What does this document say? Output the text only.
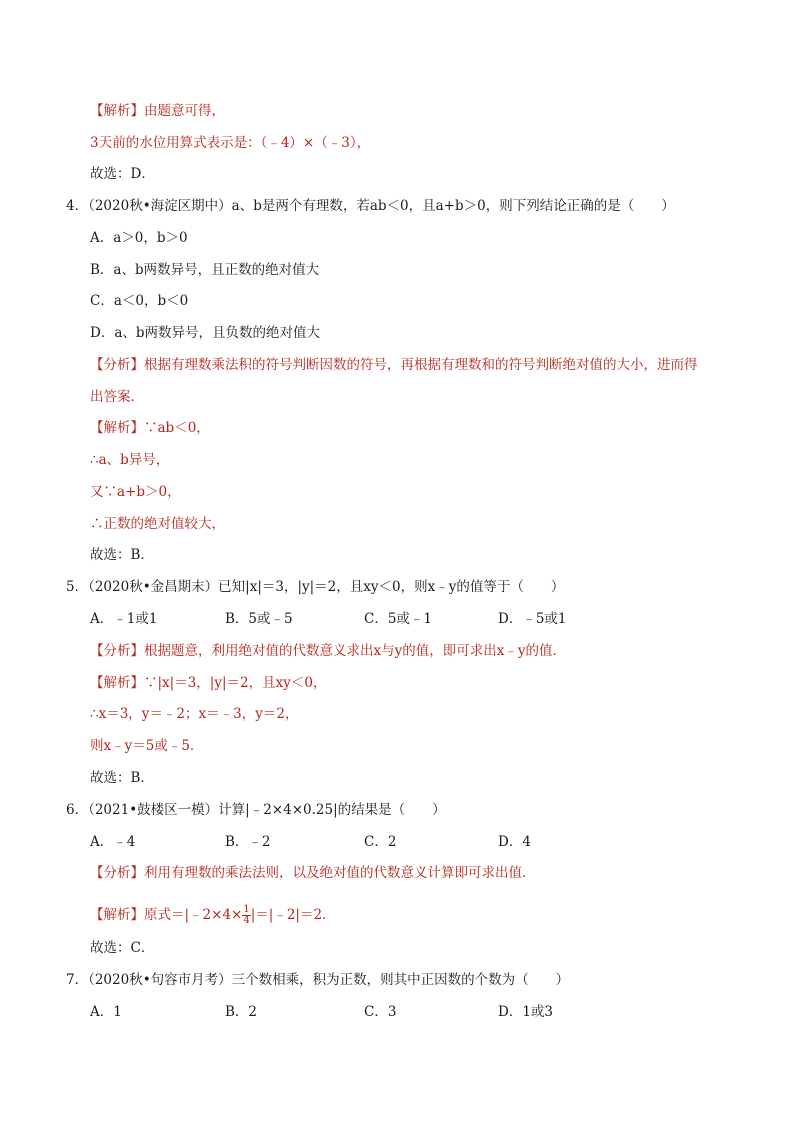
【解析】由题意可得，
3天前的水位用算式表示是：（﹣4）×（﹣3），
故选：D．
4．（2020秋•海淀区期中）a、b是两个有理数，若ab＜0，且a+b＞0，则下列结论正确的是（　　）
A．a＞0，b＞0
B．a、b两数异号，且正数的绝对值大
C．a＜0，b＜0
D．a、b两数异号，且负数的绝对值大
【分析】根据有理数乘法积的符号判断因数的符号，再根据有理数和的符号判断绝对值的大小，进而得
出答案．
【解析】∵ab＜0，
∴a、b异号，
又∵a+b＞0，
∴正数的绝对值较大，
故选：B．
5．（2020秋•金昌期末）已知|x|＝3，|y|＝2，且xy＜0，则x﹣y的值等于（　　）
A．﹣1或1	B．5或﹣5	C．5或﹣1	D．﹣5或1
【分析】根据题意，利用绝对值的代数意义求出x与y的值，即可求出x﹣y的值．
【解析】∵|x|＝3，|y|＝2，且xy＜0，
∴x＝3，y＝﹣2；x＝﹣3，y＝2，
则x﹣y＝5或﹣5．
故选：B．
6．（2021•鼓楼区一模）计算|﹣2×4×0.25|的结果是（　　）
A．﹣4	B．﹣2	C．2	D．4
【分析】利用有理数的乘法法则，以及绝对值的代数意义计算即可求出值．
【解析】原式＝|﹣2×4× $\frac{1}{4}$ |＝|﹣2|＝2．
故选：C．
7．（2020秋•句容市月考）三个数相乘，积为正数，则其中正因数的个数为（　　）
A．1	B．2	C．3	D．1或3
